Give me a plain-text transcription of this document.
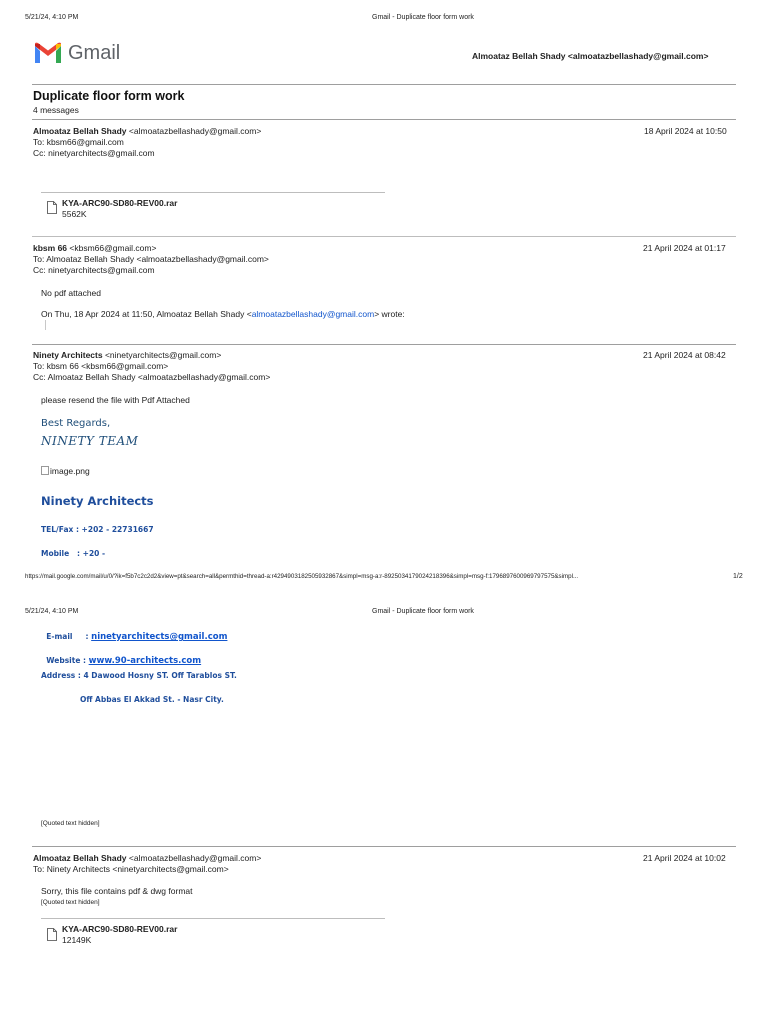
5/21/24, 4:10 PM	Gmail - Duplicate floor form work
Gmail	Almoataz Bellah Shady <almoatazbellashady@gmail.com>
Duplicate floor form work
4 messages
Almoataz Bellah Shady <almoatazbellashady@gmail.com>	18 April 2024 at 10:50
To: kbsm66@gmail.com
Cc: ninetyarchitects@gmail.com
KYA-ARC90-SD80-REV00.rar
5562K
kbsm 66 <kbsm66@gmail.com>	21 April 2024 at 01:17
To: Almoataz Bellah Shady <almoatazbellashady@gmail.com>
Cc: ninetyarchitects@gmail.com
No pdf attached
On Thu, 18 Apr 2024 at 11:50, Almoataz Bellah Shady <almoatazbellashady@gmail.com> wrote:
Ninety Architects <ninetyarchitects@gmail.com>	21 April 2024 at 08:42
To: kbsm 66 <kbsm66@gmail.com>
Cc: Almoataz Bellah Shady <almoatazbellashady@gmail.com>
please resend the file with Pdf Attached
Best Regards,
NINETY TEAM
image.png
Ninety Architects
TEL/Fax : +202 - 22731667
Mobile   : +20 -
https://mail.google.com/mail/u/0/?ik=f5b7c2c2d2&view=pt&search=all&permthid=thread-a:r4294903182505932867&simpl=msg-a:r-8925034179024218396&simpl=msg-f:1796897600969797575&simpl...	1/2
5/21/24, 4:10 PM	Gmail - Duplicate floor form work

E-mail     : ninetyarchitects@gmail.com

Website : www.90-architects.com

Address : 4 Dawood Hosny ST. Off Tarablos ST.
Off Abbas El Akkad St. - Nasr City.
[Quoted text hidden]
Almoataz Bellah Shady <almoatazbellashady@gmail.com>	21 April 2024 at 10:02
To: Ninety Architects <ninetyarchitects@gmail.com>
Sorry, this file contains pdf & dwg format
[Quoted text hidden]
KYA-ARC90-SD80-REV00.rar
12149K
